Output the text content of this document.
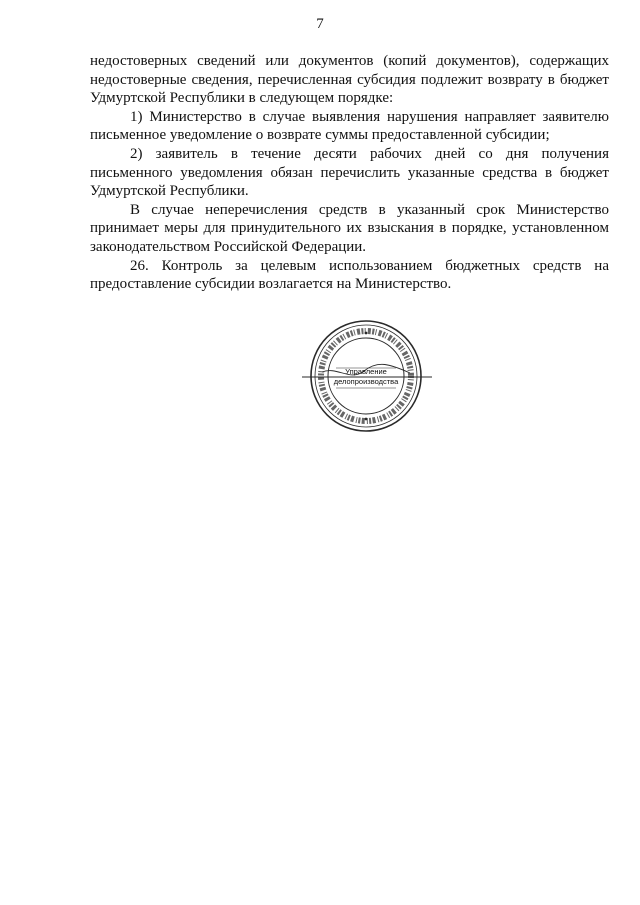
7

недостоверных сведений или документов (копий документов), содержащих недостоверные сведения, перечисленная субсидия подлежит возврату в бюджет Удмуртской Республики в следующем порядке:

1) Министерство в случае выявления нарушения направляет заявителю письменное уведомление о возврате суммы предоставленной субсидии;

2) заявитель в течение десяти рабочих дней со дня получения письменного уведомления обязан перечислить указанные средства в бюджет Удмуртской Республики.

В случае неперечисления средств в указанный срок Министерство принимает меры для принудительного их взыскания в порядке, установленном законодательством Российской Федерации.

26. Контроль за целевым использованием бюджетных средств на предоставление субсидии возлагается на Министерство.

Управление
делопроизводства
